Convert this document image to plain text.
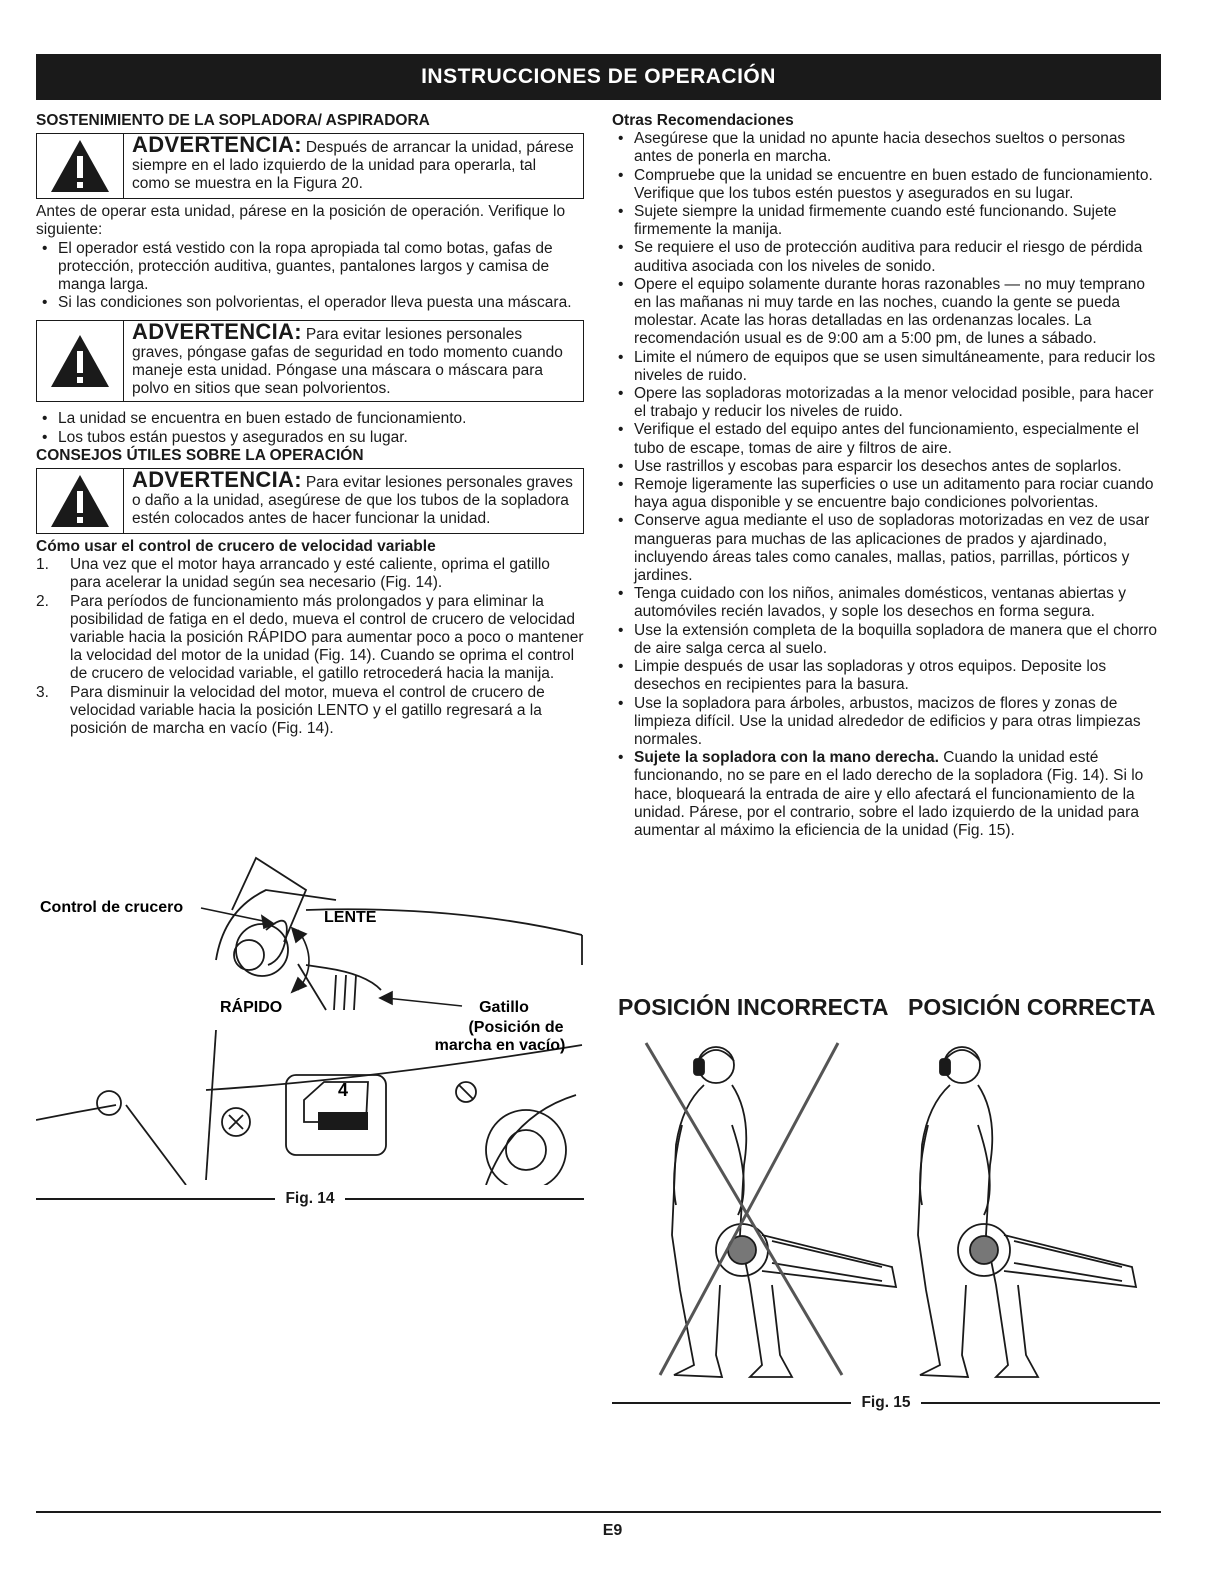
INSTRUCCIONES DE OPERACIÓN

SOSTENIMIENTO DE LA SOPLADORA/ ASPIRADORA

ADVERTENCIA: Después de arrancar la unidad, párese siempre en el lado izquierdo de la unidad para operarla, tal como se muestra en la Figura 20.

Antes de operar esta unidad, párese en la posición de operación. Verifique lo siguiente:

• El operador está vestido con la ropa apropiada tal como botas, gafas de protección, protección auditiva, guantes, pantalones largos y camisa de manga larga.
• Si las condiciones son polvorientas, el operador lleva puesta una máscara.
ADVERTENCIA: Para evitar lesiones personales graves, póngase gafas de seguridad en todo momento cuando maneje esta unidad. Póngase una máscara o máscara para polvo en sitios que sean polvorientos.
• La unidad se encuentra en buen estado de funcionamiento.
• Los tubos están puestos y asegurados en su lugar.

CONSEJOS ÚTILES SOBRE LA OPERACIÓN

ADVERTENCIA: Para evitar lesiones personales graves o daño a la unidad, asegúrese de que los tubos de la sopladora estén colocados antes de hacer funcionar la unidad.

Cómo usar el control de crucero de velocidad variable

1. Una vez que el motor haya arrancado y esté caliente, oprima el gatillo para acelerar la unidad según sea necesario (Fig. 14).
2. Para períodos de funcionamiento más prolongados y para eliminar la posibilidad de fatiga en el dedo, mueva el control de crucero de velocidad variable hacia la posición RÁPIDO para aumentar poco a poco o mantener la velocidad del motor de la unidad (Fig. 14). Cuando se oprima el control de crucero de velocidad variable, el gatillo retrocederá hacia la manija.
3. Para disminuir la velocidad del motor, mueva el control de crucero de velocidad variable hacia la posición LENTO y el gatillo regresará a la posición de marcha en vacío (Fig. 14).
4
Control de crucero
LENTE
RÁPIDO	Gatillo
(Posición de
marcha en vacío)
Fig. 14

Otras Recomendaciones

• Asegúrese que la unidad no apunte hacia desechos sueltos o personas antes de ponerla en marcha.
• Compruebe que la unidad se encuentre en buen estado de funcionamiento. Verifique que los tubos estén puestos y asegurados en su lugar.
• Sujete siempre la unidad firmemente cuando esté funcionando. Sujete firmemente la manija.
• Se requiere el uso de protección auditiva para reducir el riesgo de pérdida auditiva asociada con los niveles de sonido.
• Opere el equipo solamente durante horas razonables — no muy temprano en las mañanas ni muy tarde en las noches, cuando la gente se pueda molestar. Acate las horas detalladas en las ordenanzas locales. La recomendación usual es de 9:00 am a 5:00 pm, de lunes a sábado.
• Limite el número de equipos que se usen simultáneamente, para reducir los niveles de ruido.
• Opere las sopladoras motorizadas a la menor velocidad posible, para hacer el trabajo y reducir los niveles de ruido.
• Verifique el estado del equipo antes del funcionamiento, especialmente el tubo de escape, tomas de aire y filtros de aire.
• Use rastrillos y escobas para esparcir los desechos antes de soplarlos.
• Remoje ligeramente las superficies o use un aditamento para rociar cuando haya agua disponible y se encuentre bajo condiciones polvorientas.
• Conserve agua mediante el uso de sopladoras motorizadas en vez de usar mangueras para muchas de las aplicaciones de prados y ajardinado, incluyendo áreas tales como canales, mallas, patios, parrillas, pórticos y jardines.
• Tenga cuidado con los niños, animales domésticos, ventanas abiertas y automóviles recién lavados, y sople los desechos en forma segura.
• Use la extensión completa de la boquilla sopladora de manera que el chorro de aire salga cerca al suelo.
• Limpie después de usar las sopladoras y otros equipos. Deposite los desechos en recipientes para la basura.
• Use la sopladora para árboles, arbustos, macizos de flores y zonas de limpieza difícil. Use la unidad alrededor de edificios y para otras limpiezas normales.
• Sujete la sopladora con la mano derecha. Cuando la unidad esté funcionando, no se pare en el lado derecho de la sopladora (Fig. 14). Si lo hace, bloqueará la entrada de aire y ello afectará el funcionamiento de la unidad. Párese, por el contrario, sobre el lado izquierdo de la unidad para aumentar al máximo la eficiencia de la unidad (Fig. 15).
POSICIÓN INCORRECTA POSICIÓN CORRECTA
Fig. 15
E9
